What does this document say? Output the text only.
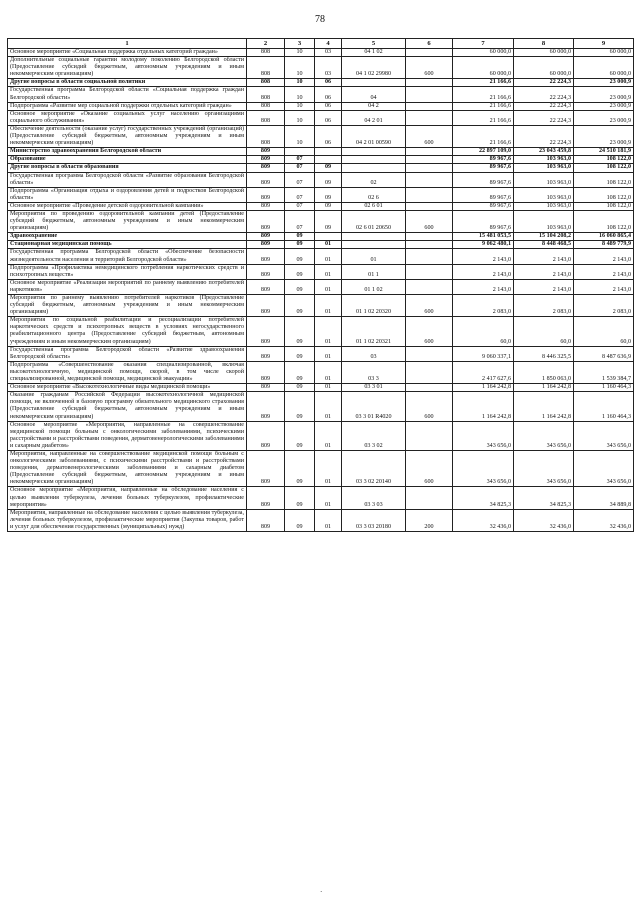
78
1	2	3	4	5	6	7	8	9
Основное мероприятие «Социальная поддержка отдельных категорий граждан»	808	10	03	04 1 02		60 000,0	60 000,0	60 000,0
Дополнительные социальные гарантии молодому поколению Белгородской области (Предоставление субсидий бюджетным, автономным учреждениям и иным некоммерческим организациям)	808	10	03	04 1 02 29980	600	60 000,0	60 000,0	60 000,0
Другие вопросы в области социальной политики	808	10	06			21 166,6	22 224,3	23 000,9
Государственная программа Белгородской области «Социальная поддержка граждан Белгородской области»	808	10	06	04		21 166,6	22 224,3	23 000,9
Подпрограмма «Развитие мер социальной поддержки отдельных категорий граждан»	808	10	06	04 2		21 166,6	22 224,3	23 000,9
Основное мероприятие «Оказание социальных услуг населению организациями социального обслуживания»	808	10	06	04 2 01		21 166,6	22 224,3	23 000,9
Обеспечение деятельности (оказание услуг) государственных учреждений (организаций) (Предоставление субсидий бюджетным, автономным учреждениям и иным некоммерческим организациям)	808	10	06	04 2 01 00590	600	21 166,6	22 224,3	23 000,9
Министерство здравоохранения Белгородской области	809					22 897 109,0	23 043 459,8	24 510 181,9
Образование	809	07				89 967,6	103 963,0	108 122,0
Другие вопросы в области образования	809	07	09			89 967,6	103 963,0	108 122,0
Государственная программа Белгородской области «Развитие образования Белгородской области»	809	07	09	02		89 967,6	103 963,0	108 122,0
Подпрограмма «Организация отдыха и оздоровления детей и подростков Белгородской области»	809	07	09	02 6		89 967,6	103 963,0	108 122,0
Основное мероприятие «Проведение детской оздоровительной кампании»	809	07	09	02 6 01		89 967,6	103 963,0	108 122,0
Мероприятия по проведению оздоровительной кампании детей (Предоставление субсидий бюджетным, автономным учреждениям и иным некоммерческим организациям)	809	07	09	02 6 01 20650	600	89 967,6	103 963,0	108 122,0
Здравоохранение	809	09				15 481 053,5	15 104 208,2	16 060 865,4
Стационарная медицинская помощь	809	09	01			9 062 480,1	8 448 468,5	8 489 779,9
Государственная программа Белгородской области «Обеспечение безопасности жизнедеятельности населения и территорий Белгородской области»	809	09	01	01		2 143,0	2 143,0	2 143,0
Подпрограмма «Профилактика немедицинского потребления наркотических средств и психотропных веществ»	809	09	01	01 1		2 143,0	2 143,0	2 143,0
Основное мероприятие «Реализация мероприятий по раннему выявлению потребителей наркотиков»	809	09	01	01 1 02		2 143,0	2 143,0	2 143,0
Мероприятия по раннему выявлению потребителей наркотиков (Предоставление субсидий бюджетным, автономным учреждениям и иным некоммерческим организациям)	809	09	01	01 1 02 20320	600	2 083,0	2 083,0	2 083,0
Мероприятия по социальной реабилитации и ресоциализации потребителей наркотических средств и психотропных веществ в условиях негосударственного реабилитационного центра (Предоставление субсидий бюджетным, автономным учреждениям и иным некоммерческим организациям)	809	09	01	01 1 02 20321	600	60,0	60,0	60,0
Государственная программа Белгородской области «Развитие здравоохранения Белгородской области»	809	09	01	03		9 060 337,1	8 446 325,5	8 487 636,9
Подпрограмма «Совершенствование оказания специализированной, включая высокотехнологичную, медицинской помощи, скорой, в том числе скорой специализированной, медицинской помощи, медицинской эвакуации»	809	09	01	03 3		2 417 627,6	1 850 063,0	1 539 384,7
Основное мероприятие «Высокотехнологичные виды медицинской помощи»	809	09	01	03 3 01		1 164 242,8	1 164 242,8	1 160 464,3
Оказание гражданам Российской Федерации высокотехнологичной медицинской помощи, не включенной в базовую программу обязательного медицинского страхования (Предоставление субсидий бюджетным, автономным учреждениям и иным некоммерческим организациям)	809	09	01	03 3 01 R4020	600	1 164 242,8	1 164 242,8	1 160 464,3
Основное мероприятие «Мероприятия, направленные на совершенствование медицинской помощи больным с онкологическими заболеваниями, психическими расстройствами и расстройствами поведения, дерматовенерологическими заболеваниями и сахарным диабетом»	809	09	01	03 3 02		343 656,0	343 656,0	343 656,0
Мероприятия, направленные на совершенствование медицинской помощи больным с онкологическими заболеваниями, с психическими расстройствами и расстройствами поведения, дерматовенерологическими заболеваниями и сахарным диабетом (Предоставление субсидий бюджетным, автономным учреждениям и иным некоммерческим организациям)	809	09	01	03 3 02 20140	600	343 656,0	343 656,0	343 656,0
Основное мероприятие «Мероприятия, направленные на обследование населения с целью выявления туберкулеза, лечения больных туберкулезом, профилактические мероприятия»	809	09	01	03 3 03		34 825,3	34 825,3	34 889,8
Мероприятия, направленные на обследование населения с целью выявления туберкулеза, лечения больных туберкулезом, профилактические мероприятия (Закупка товаров, работ и услуг для обеспечения государственных (муниципальных) нужд)	809	09	01	03 3 03 20180	200	32 436,0	32 436,0	32 436,0
·
